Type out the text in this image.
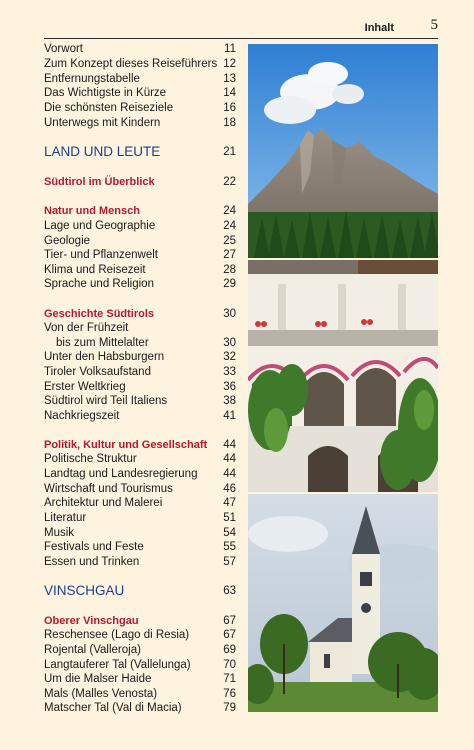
Inhalt 5
Vorwort	11
Zum Konzept dieses Reiseführers 12
Entfernungstabelle	13
Das Wichtigste in Kürze	14
Die schönsten Reiseziele	16
Unterwegs mit Kindern	18
LAND UND LEUTE	21
Südtirol im Überblick	22
Natur und Mensch	24
Lage und Geographie	24
Geologie	25
Tier- und Pflanzenwelt	27
Klima und Reisezeit	28
Sprache und Religion	29
Geschichte Südtirols	30
Von der Frühzeit
bis zum Mittelalter	30
Unter den Habsburgern	32
Tiroler Volksaufstand	33
Erster Weltkrieg	36
Südtirol wird Teil Italiens	38
Nachkriegszeit	41
Politik, Kultur und Gesellschaft 44
Politische Struktur	44
Landtag und Landesregierung 44
Wirtschaft und Tourismus	46
Architektur und Malerei	47
Literatur	51
Musik	54
Festivals und Feste	55
Essen und Trinken	57
VINSCHGAU	63
Oberer Vinschgau	67
Reschensee (Lago di Resia)	67
Rojental (Valleroja)	69
Langtauferer Tal (Vallelunga)	70
Um die Malser Haide	71
Mals (Malles Venosta)	76
Matscher Tal (Val di Macia)	79
